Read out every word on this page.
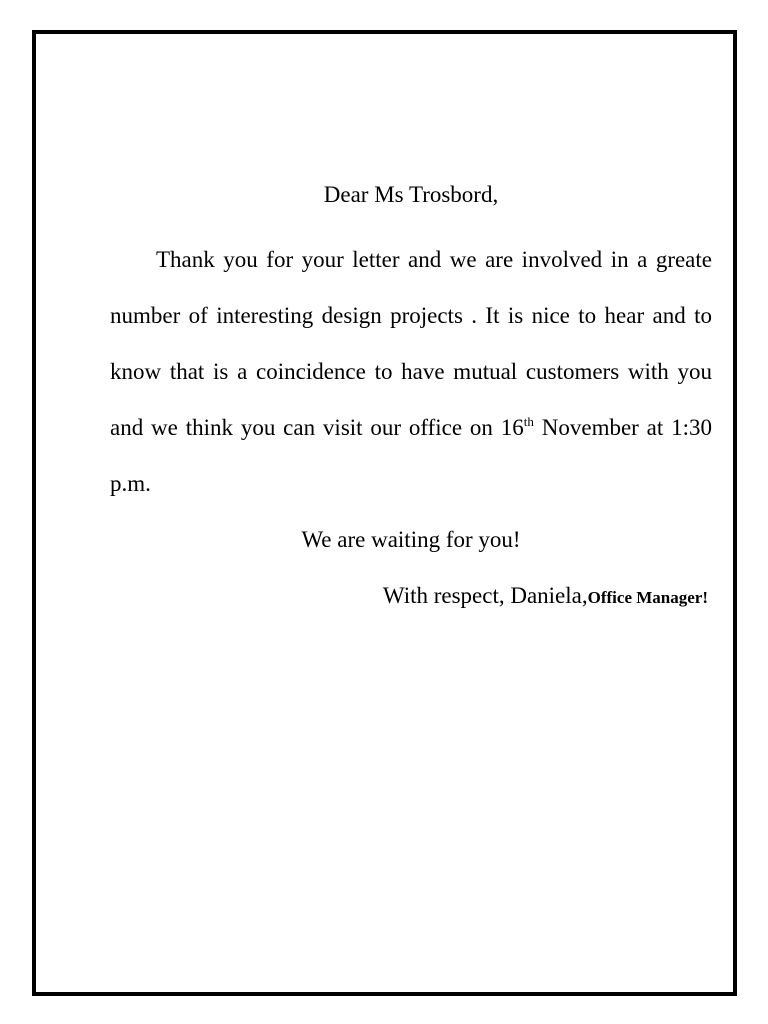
Dear Ms Trosbord,

Thank you for your letter and we are involved in a greate number of interesting design projects . It is nice to hear and to know that is a coincidence to have mutual customers with you and we think you can visit our office on 16th November at 1:30 p.m.

We are waiting for you!

With respect, Daniela,Office Manager!
